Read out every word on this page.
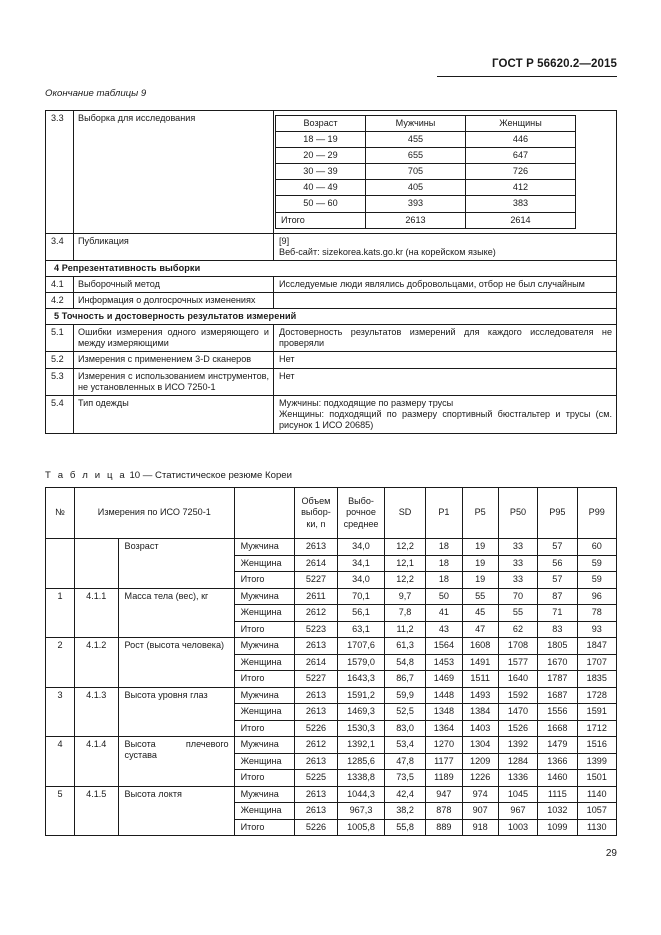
ГОСТ Р 56620.2—2015
Окончание таблицы 9
3.3	Выборка для исследования		Возраст	Мужчины	Женщины
18 — 19	455	446
20 — 29	655	647
30 — 39	705	726
40 — 49	405	412
50 — 60	393	383
Итого	2613	2614

3.4	Публикация	[9]
Веб-сайт: sizekorea.kats.go.kr (на корейском языке)

4 Репрезентативность выборки
4.1	Выборочный метод	Исследуемые люди являлись добровольцами, отбор не был случайным

4.2	Информация о долгосрочных изменениях	
5 Точность и достоверность результатов измерений
5.1	Ошибки измерения одного измеряющего и между измеряющими	
Достоверность результатов измерений для каждого исследователя не проверяли

5.2	Измерения с применением 3-D сканеров	Нет

5.3	Измерения с использованием инструментов, не установленных в ИСО 7250-1	
Нет

5.4	Тип одежды	Мужчины: подходящие по размеру трусы
Женщины: подходящий по размеру спортивный бюстгальтер и трусы (см. рисунок 1 ИСО 20685)
Т а б л и ц а 10 — Статистическое резюме Кореи
№	Измерения по ИСО 7250-1			Объем
выбор-
ки, n	Выбо-
рочное
среднее	SD	P1	P5	P50	P95	P99
		Возраст	Мужчина	2613	34,0	12,2	18	19	33	57	60
			Женщина	2614	34,1	12,1	18	19	33	56	59
			Итого	5227	34,0	12,2	18	19	33	57	59
1	4.1.1	Масса тела (вес), кг	Мужчина	2611	70,1	9,7	50	55	70	87	96
			Женщина	2612	56,1	7,8	41	45	55	71	78
			Итого	5223	63,1	11,2	43	47	62	83	93
2	4.1.2	Рост (высота человека)	Мужчина	2613	1707,6	61,3	1564	1608	1708	1805	1847
			Женщина	2614	1579,0	54,8	1453	1491	1577	1670	1707
			Итого	5227	1643,3	86,7	1469	1511	1640	1787	1835
3	4.1.3	Высота уровня глаз	Мужчина	2613	1591,2	59,9	1448	1493	1592	1687	1728
			Женщина	2613	1469,3	52,5	1348	1384	1470	1556	1591
			Итого	5226	1530,3	83,0	1364	1403	1526	1668	1712
4	4.1.4	Высота плечевого сустава	Мужчина	2612	1392,1	53,4	1270	1304	1392	1479	1516
			Женщина	2613	1285,6	47,8	1177	1209	1284	1366	1399
			Итого	5225	1338,8	73,5	1189	1226	1336	1460	1501
5	4.1.5	Высота локтя	Мужчина	2613	1044,3	42,4	947	974	1045	1115	1140
			Женщина	2613	967,3	38,2	878	907	967	1032	1057
			Итого	5226	1005,8	55,8	889	918	1003	1099	1130
29
